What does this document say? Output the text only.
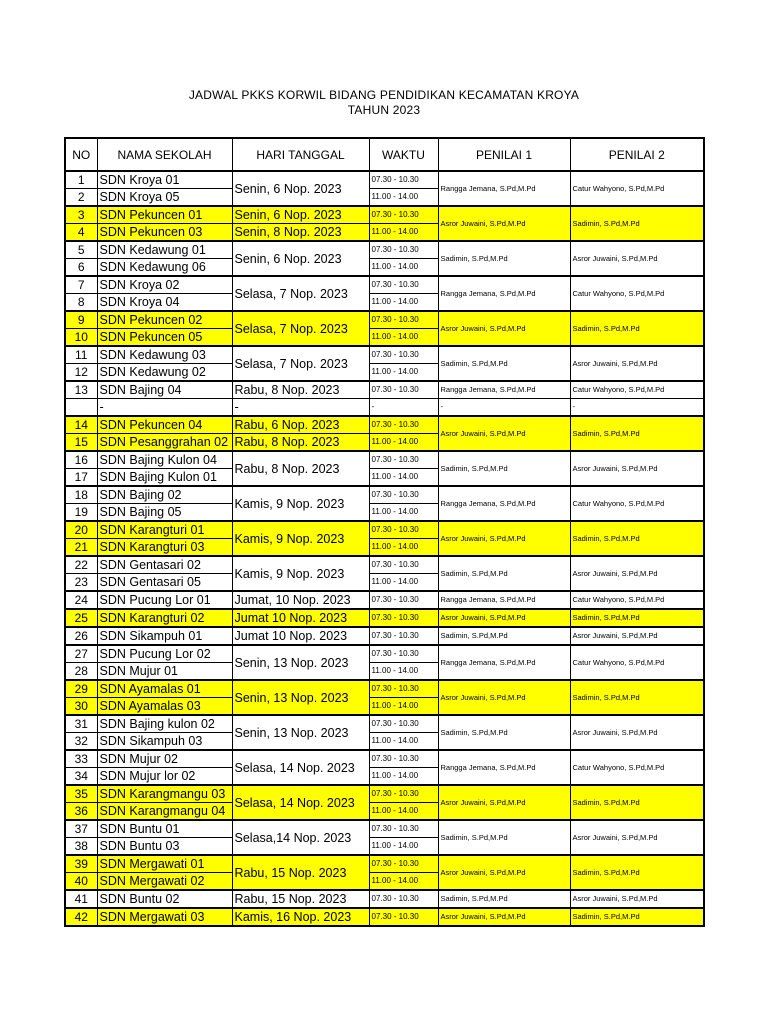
JADWAL PKKS KORWIL BIDANG PENDIDIKAN KECAMATAN KROYA
TAHUN 2023
NO	NAMA SEKOLAH	HARI TANGGAL	WAKTU	PENILAI 1	PENILAI 2
1	SDN Kroya 01	Senin, 6 Nop. 2023	07.30 - 10.30	Rangga Jemana, S.Pd,M.Pd	Catur Wahyono, S.Pd,M.Pd
2	SDN Kroya 05		11.00 - 14.00		
3	SDN Pekuncen 01	Senin, 6 Nop. 2023	07.30 - 10.30	Asror Juwaini, S.Pd,M.Pd	Sadimin, S.Pd,M.Pd
4	SDN Pekuncen 03	Senin, 8 Nop. 2023	11.00 - 14.00		
5	SDN Kedawung 01	Senin, 6 Nop. 2023	07.30 - 10.30	Sadimin, S.Pd,M.Pd	Asror Juwaini, S.Pd,M.Pd
6	SDN Kedawung 06		11.00 - 14.00		
7	SDN Kroya 02	Selasa, 7 Nop. 2023	07.30 - 10.30	Rangga Jemana, S.Pd,M.Pd	Catur Wahyono, S.Pd,M.Pd
8	SDN Kroya 04		11.00 - 14.00		
9	SDN Pekuncen 02	Selasa, 7 Nop. 2023	07.30 - 10.30	Asror Juwaini, S.Pd,M.Pd	Sadimin, S.Pd,M.Pd
10	SDN Pekuncen 05		11.00 - 14.00		
11	SDN Kedawung 03	Selasa, 7 Nop. 2023	07.30 - 10.30	Sadimin, S.Pd,M.Pd	Asror Juwaini, S.Pd,M.Pd
12	SDN Kedawung 02		11.00 - 14.00		
13	SDN Bajing 04	Rabu, 8 Nop. 2023	07.30 - 10.30	Rangga Jemana, S.Pd,M.Pd	Catur Wahyono, S.Pd,M.Pd
	-	-	-	-	-
14	SDN Pekuncen 04	Rabu, 6 Nop. 2023	07.30 - 10.30	Asror Juwaini, S.Pd,M.Pd	Sadimin, S.Pd,M.Pd
15	SDN Pesanggrahan 02	Rabu, 8 Nop. 2023	11.00 - 14.00		
16	SDN Bajing Kulon 04	Rabu, 8 Nop. 2023	07.30 - 10.30	Sadimin, S.Pd,M.Pd	Asror Juwaini, S.Pd,M.Pd
17	SDN Bajing Kulon 01		11.00 - 14.00		
18	SDN Bajing 02	Kamis, 9 Nop. 2023	07.30 - 10.30	Rangga Jemana, S.Pd,M.Pd	Catur Wahyono, S.Pd,M.Pd
19	SDN Bajing 05		11.00 - 14.00		
20	SDN Karangturi 01	Kamis, 9 Nop. 2023	07.30 - 10.30	Asror Juwaini, S.Pd,M.Pd	Sadimin, S.Pd,M.Pd
21	SDN Karangturi 03		11.00 - 14.00		
22	SDN Gentasari 02	Kamis, 9 Nop. 2023	07.30 - 10.30	Sadimin, S.Pd,M.Pd	Asror Juwaini, S.Pd,M.Pd
23	SDN Gentasari 05		11.00 - 14.00		
24	SDN Pucung Lor 01	Jumat, 10 Nop. 2023	07.30 - 10.30	Rangga Jemana, S.Pd,M.Pd	Catur Wahyono, S.Pd,M.Pd
25	SDN Karangturi 02	Jumat 10 Nop. 2023	07.30 - 10.30	Asror Juwaini, S.Pd,M.Pd	Sadimin, S.Pd,M.Pd
26	SDN Sikampuh 01	Jumat 10 Nop. 2023	07.30 - 10.30	Sadimin, S.Pd,M.Pd	Asror Juwaini, S.Pd,M.Pd
27	SDN Pucung Lor 02	Senin, 13 Nop. 2023	07.30 - 10.30	Rangga Jemana, S.Pd,M.Pd	Catur Wahyono, S.Pd,M.Pd
28	SDN Mujur 01		11.00 - 14.00		
29	SDN Ayamalas 01	Senin, 13 Nop. 2023	07.30 - 10.30	Asror Juwaini, S.Pd,M.Pd	Sadimin, S.Pd,M.Pd
30	SDN Ayamalas 03		11.00 - 14.00		
31	SDN Bajing kulon 02	Senin, 13 Nop. 2023	07.30 - 10.30	Sadimin, S.Pd,M.Pd	Asror Juwaini, S.Pd,M.Pd
32	SDN Sikampuh 03		11.00 - 14.00		
33	SDN Mujur 02	Selasa, 14 Nop. 2023	07.30 - 10.30	Rangga Jemana, S.Pd,M.Pd	Catur Wahyono, S.Pd,M.Pd
34	SDN Mujur lor 02		11.00 - 14.00		
35	SDN Karangmangu 03	Selasa, 14 Nop. 2023	07.30 - 10.30	Asror Juwaini, S.Pd,M.Pd	Sadimin, S.Pd,M.Pd
36	SDN Karangmangu 04		11.00 - 14.00		
37	SDN Buntu 01	Selasa,14 Nop. 2023	07.30 - 10.30	Sadimin, S.Pd,M.Pd	Asror Juwaini, S.Pd,M.Pd
38	SDN Buntu 03		11.00 - 14.00		
39	SDN Mergawati 01	Rabu, 15 Nop. 2023	07.30 - 10.30	Asror Juwaini, S.Pd,M.Pd	Sadimin, S.Pd,M.Pd
40	SDN Mergawati 02		11.00 - 14.00		
41	SDN Buntu 02	Rabu, 15 Nop. 2023	07.30 - 10.30	Sadimin, S.Pd,M.Pd	Asror Juwaini, S.Pd,M.Pd
42	SDN Mergawati 03	Kamis, 16 Nop. 2023	07.30 - 10.30	Asror Juwaini, S.Pd,M.Pd	Sadimin, S.Pd,M.Pd
